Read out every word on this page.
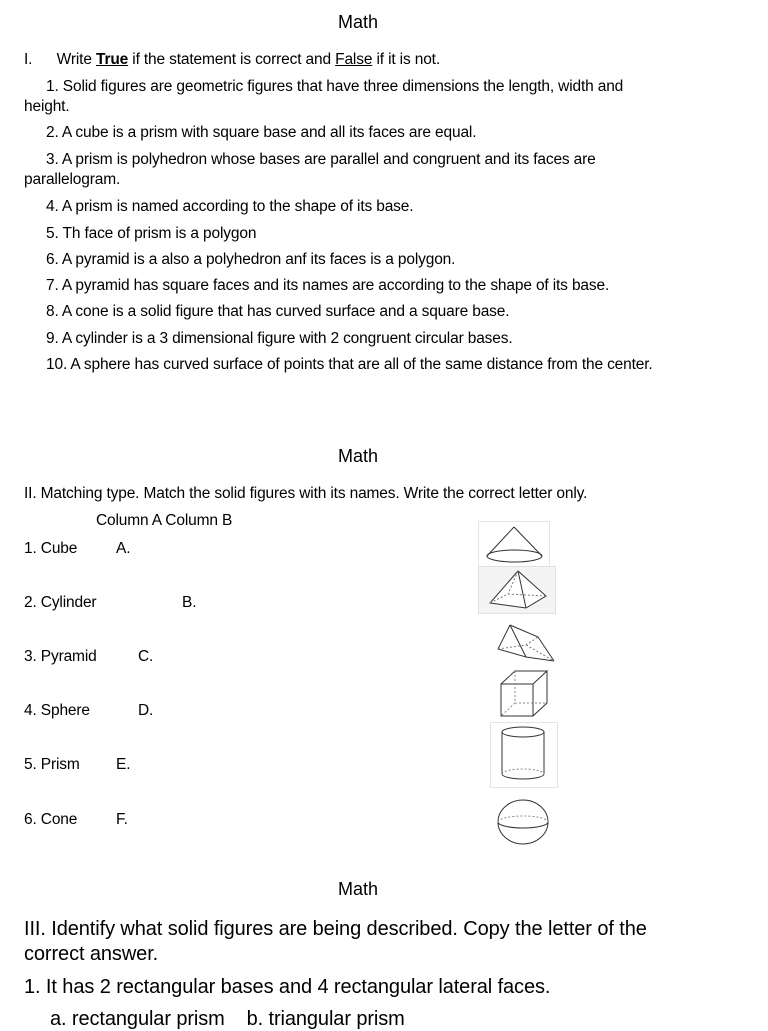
Math
I. Write True if the statement is correct and False if it is not.
1. Solid figures are geometric figures that have three dimensions the length, width and
height.
2. A cube is a prism with square base and all its faces are equal.
3. A prism is polyhedron whose bases are parallel and congruent and its faces are
parallelogram.
4. A prism is named according to the shape of its base.
5. Th face of prism is a polygon
6. A pyramid is a also a polyhedron anf its faces is a polygon.
7. A pyramid has square faces and its names are according to the shape of its base.
8. A cone is a solid figure that has curved surface and a square base.
9. A cylinder is a 3 dimensional figure with 2 congruent circular bases.
10. A sphere has curved surface of points that are all of the same distance from the center.
Math
II. Matching type. Match the solid figures with its names. Write the correct letter only.
Column A Column B
1. Cube	A.
2. Cylinder	B.
3. Pyramid	C.
4. Sphere	D.
5. Prism E.
6. Cone	F.
Math
III. Identify what solid figures are being described. Copy the letter of the
correct answer.
1. It has 2 rectangular bases and 4 rectangular lateral faces.
a. rectangular prism    b. triangular prism
